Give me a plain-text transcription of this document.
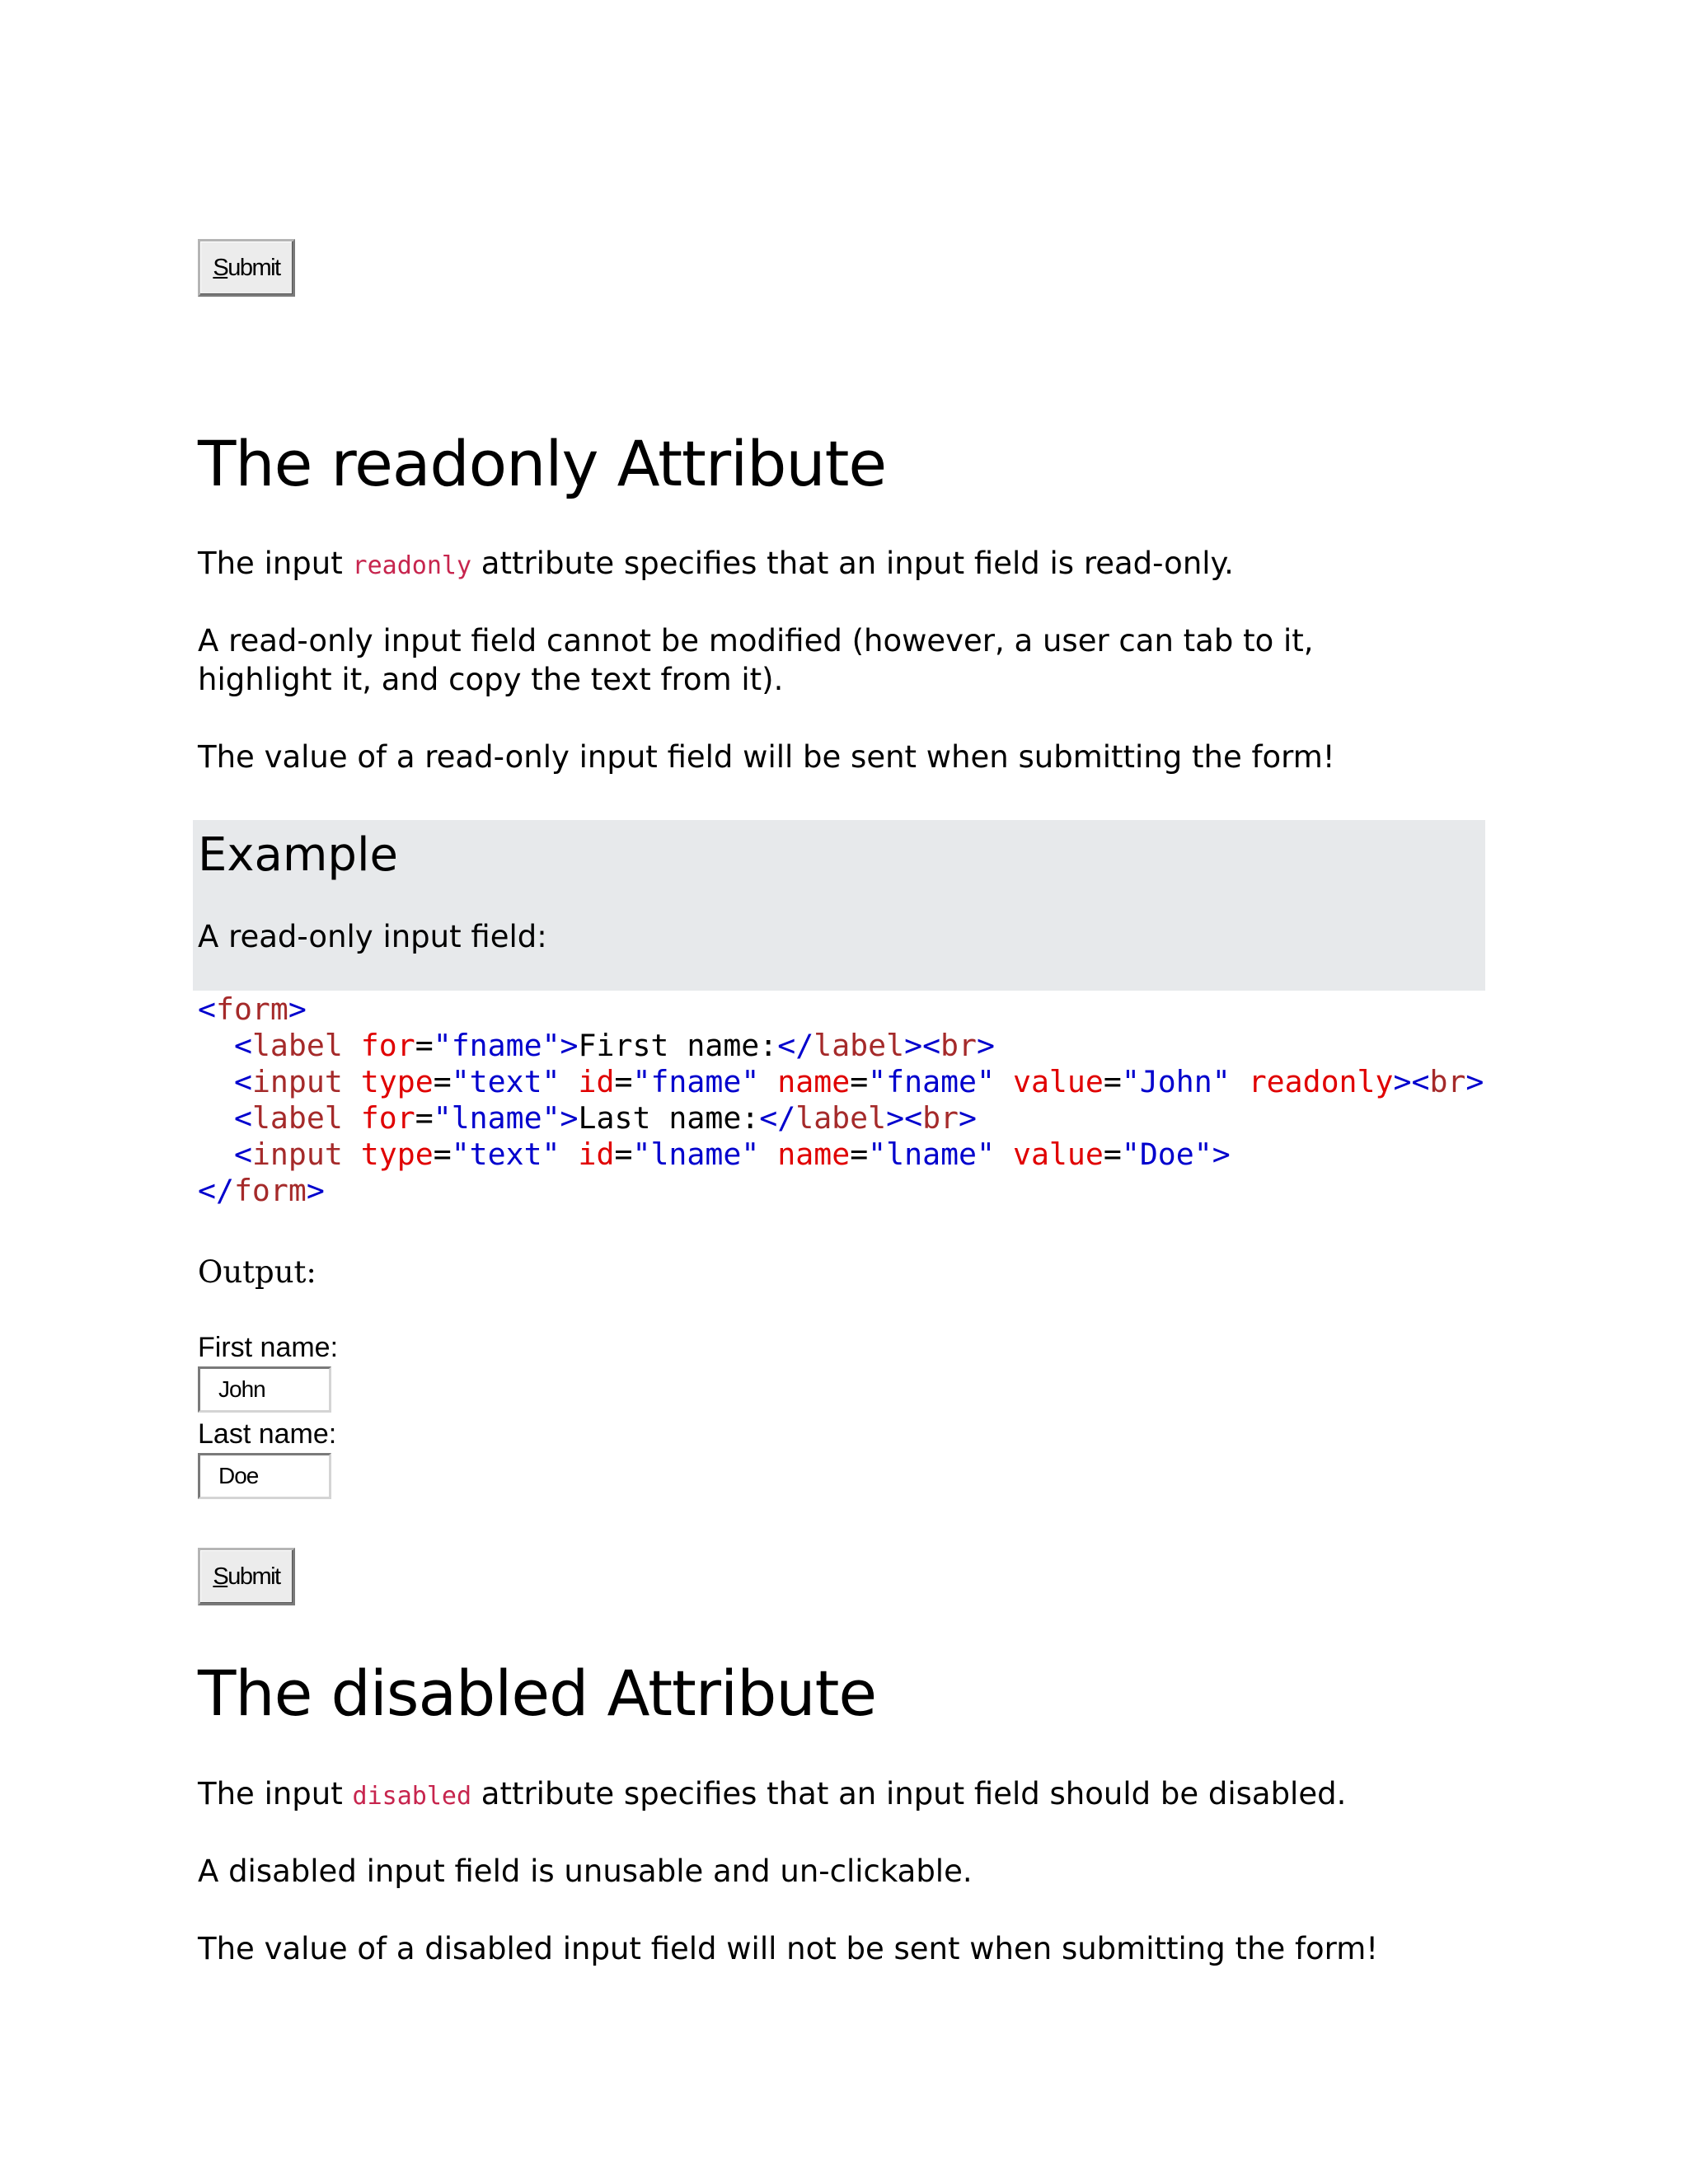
S ubmit
The readonly Attribute

The input readonly attribute specifies that an input field is read-only.

A read-only input field cannot be modified (however, a user can tab to it,
highlight it, and copy the text from it).

The value of a read-only input field will be sent when submitting the form!

Example

A read-only input field:

<form>
<label for="fname">First name:</label><br>
<input type="text" id="fname" name="fname" value="John" readonly><br>
<label for="lname">Last name:</label><br>
<input type="text" id="lname" name="lname" value="Doe">
</form>

Output:

First name:

John

Last name:

Doe
S ubmit
The disabled Attribute

The input disabled attribute specifies that an input field should be disabled.

A disabled input field is unusable and un-clickable.

The value of a disabled input field will not be sent when submitting the form!
